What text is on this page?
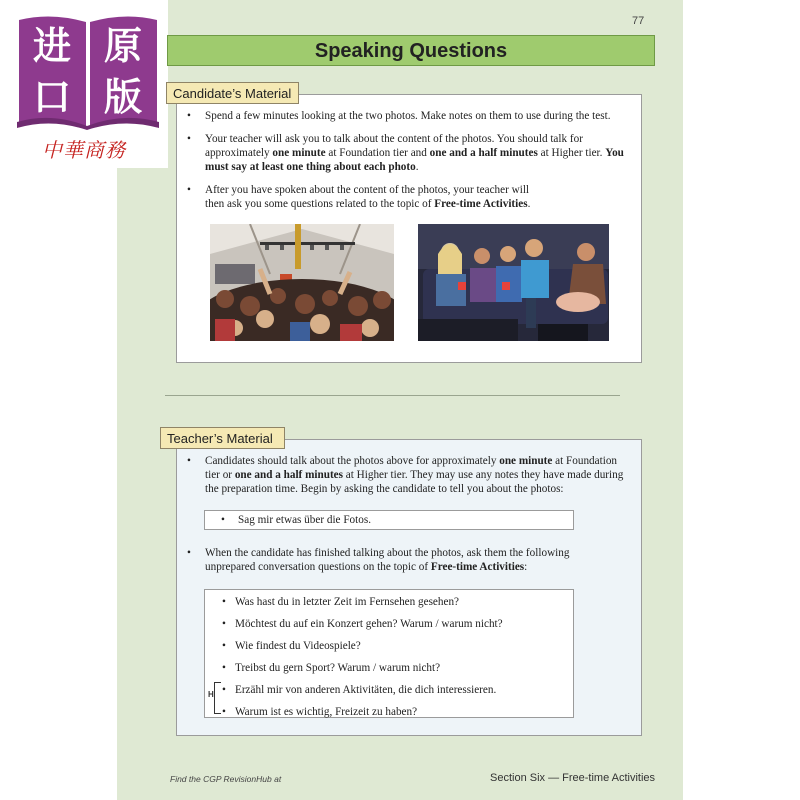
进 原
口 版
中華商務
77
Speaking Questions
• Spend a few minutes looking at the two photos. Make notes on them to use during the test.
• Your teacher will ask you to talk about the content of the photos. You should talk for approximately one minute at Foundation tier and one and a half minutes at Higher tier. You must say at least one thing about each photo.
• After you have spoken about the content of the photos, your teacher will then ask you some questions related to the topic of Free-time Activities.
Candidate’s Material
• Candidates should talk about the photos above for approximately one minute at Foundation tier or one and a half minutes at Higher tier. They may use any notes they have made during the preparation time. Begin by asking the candidate to tell you about the photos:
• Sag mir etwas über die Fotos.
• When the candidate has finished talking about the photos, ask them the following unprepared conversation questions on the topic of Free-time Activities:
• Was hast du in letzter Zeit im Fernsehen gesehen?
• Möchtest du auf ein Konzert gehen? Warum / warum nicht?
• Wie findest du Videospiele?
• Treibst du gern Sport? Warum / warum nicht?
• Erzähl mir von anderen Aktivitäten, die dich interessieren.
• Warum ist es wichtig, Freizeit zu haben?
H
Teacher’s Material
Find the CGP RevisionHub at	Section Six — Free-time Activities
